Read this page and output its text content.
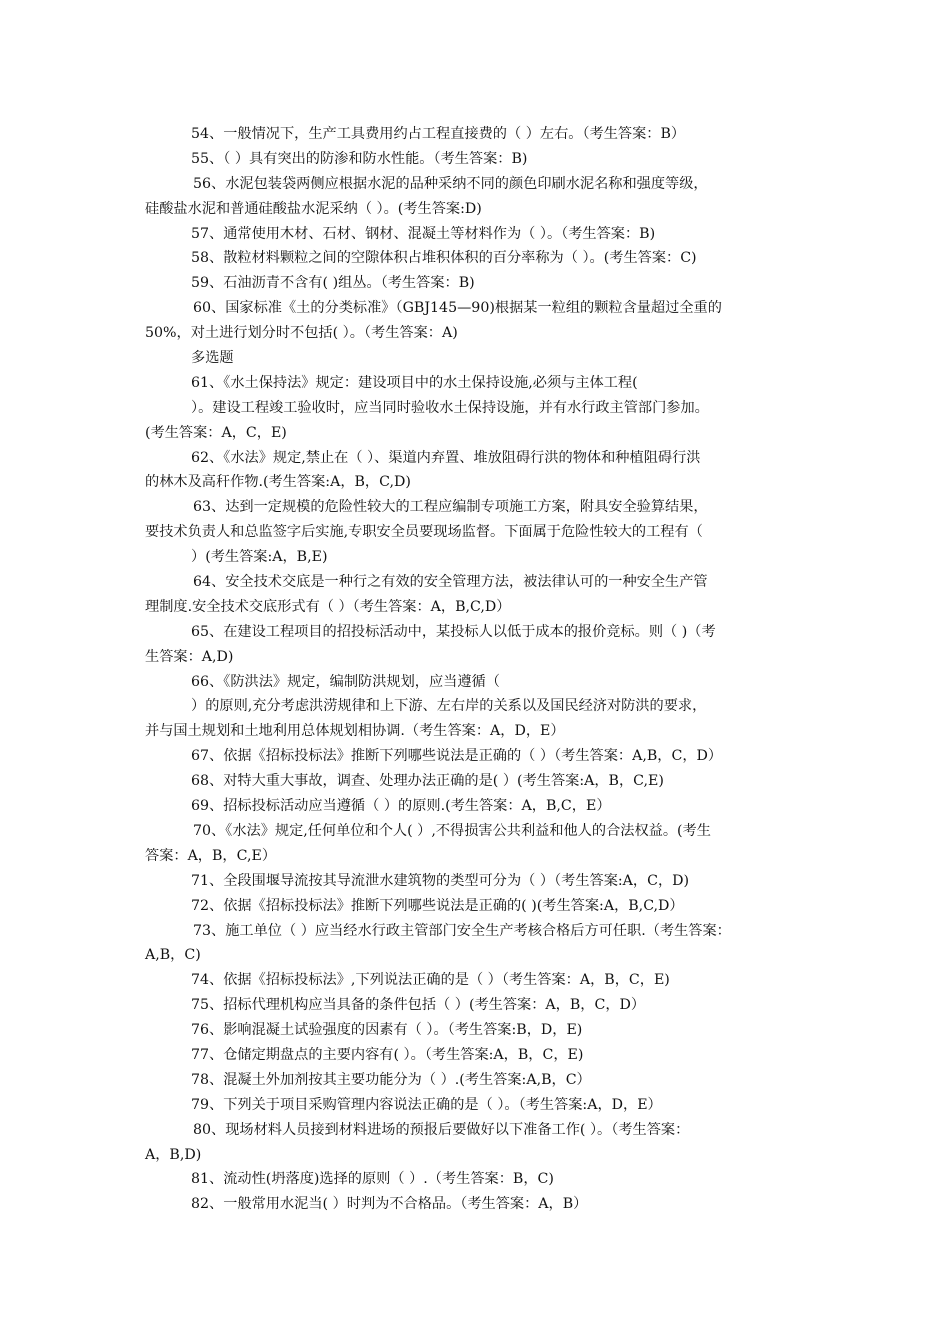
54、一般情况下，生产工具费用约占工程直接费的（ ）左右。（考生答案：B）
55、（ ）具有突出的防渗和防水性能。（考生答案：B)
56、水泥包装袋两侧应根据水泥的品种采纳不同的颜色印刷水泥名称和强度等级，
硅酸盐水泥和普通硅酸盐水泥采纳（ ）。(考生答案:D)
57、通常使用木材、石材、钢材、混凝土等材料作为（ ）。（考生答案：B)
58、散粒材料颗粒之间的空隙体积占堆积体积的百分率称为（ ）。(考生答案：C)
59、石油沥青不含有( )组丛。（考生答案：B)
60、国家标准《土的分类标准》（GBJ145—90)根据某一粒组的颗粒含量超过全重的
50%，对土进行划分时不包括( ）。（考生答案：A)
多选题
61、《水土保持法》规定：建设项目中的水土保持设施,必须与主体工程(
）。建设工程竣工验收时，应当同时验收水土保持设施，并有水行政主管部门参加。
(考生答案：A，C，E)
62、《水法》规定,禁止在（ ）、渠道内弃置、堆放阻碍行洪的物体和种植阻碍行洪
的林木及高秆作物.(考生答案:A，B，C,D)
63、达到一定规模的危险性较大的工程应编制专项施工方案，附具安全验算结果，
要技术负责人和总监签字后实施,专职安全员要现场监督。下面属于危险性较大的工程有（
）(考生答案:A，B,E)
64、安全技术交底是一种行之有效的安全管理方法，被法律认可的一种安全生产管
理制度.安全技术交底形式有（ ）（考生答案：A，B,C,D）
65、在建设工程项目的招投标活动中，某投标人以低于成本的报价竞标。则（ )（考
生答案：A,D)
66、《防洪法》规定，编制防洪规划，应当遵循（
）的原则,充分考虑洪涝规律和上下游、左右岸的关系以及国民经济对防洪的要求，
并与国土规划和土地利用总体规划相协调.（考生答案：A，D，E）
67、依据《招标投标法》推断下列哪些说法是正确的（ ）（考生答案：A,B，C，D）
68、对特大重大事故，调查、处理办法正确的是( ）(考生答案:A，B，C,E)
69、招标投标活动应当遵循（ ）的原则.(考生答案：A，B,C，E）
70、《水法》规定,任何单位和个人( ）,不得损害公共利益和他人的合法权益。(考生
答案：A，B，C,E）
71、全段围堰导流按其导流泄水建筑物的类型可分为（ ）（考生答案:A，C，D)
72、依据《招标投标法》推断下列哪些说法是正确的( )(考生答案:A，B,C,D）
73、施工单位（ ）应当经水行政主管部门安全生产考核合格后方可任职.（考生答案：
A,B，C)
74、依据《招标投标法》,下列说法正确的是（ ）（考生答案：A，B，C，E)
75、招标代理机构应当具备的条件包括（ ）(考生答案：A，B，C，D）
76、影响混凝土试验强度的因素有（ ）。（考生答案:B，D，E)
77、仓储定期盘点的主要内容有( ）。（考生答案:A，B，C，E)
78、混凝土外加剂按其主要功能分为（ ）.(考生答案:A,B，C）
79、下列关于项目采购管理内容说法正确的是（ ）。（考生答案:A，D，E）
80、现场材料人员接到材料进场的预报后要做好以下准备工作( ）。（考生答案：
A，B,D)
81、流动性(坍落度)选择的原则（ ）.（考生答案：B，C)
82、一般常用水泥当( ）时判为不合格品。（考生答案：A，B）
